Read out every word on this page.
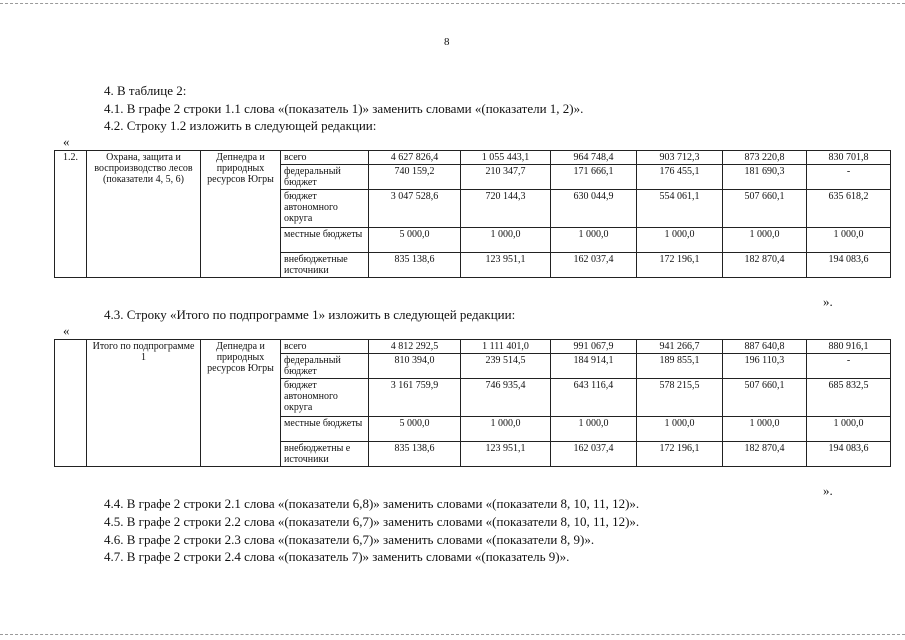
8
4. В таблице 2:
4.1. В графе 2 строки 1.1 слова «(показатель 1)» заменить словами «(показатели 1, 2)».
4.2. Строку 1.2 изложить в следующей редакции:
«
1.2.	Охрана, защита и воспроизводство лесов (показатели 4, 5, 6)	Депнедра и природных ресурсов Югры	всего	4 627 826,4	1 055 443,1	964 748,4	903 712,3	873 220,8	830 701,8
			федеральный бюджет	740 159,2	210 347,7	171 666,1	176 455,1	181 690,3	-
			бюджет автономного округа	3 047 528,6	720 144,3	630 044,9	554 061,1	507 660,1	635 618,2
			местные бюджеты	5 000,0	1 000,0	1 000,0	1 000,0	1 000,0	1 000,0
			внебюджетные источники	835 138,6	123 951,1	162 037,4	172 196,1	182 870,4	194 083,6
».
4.3. Строку «Итого по подпрограмме 1» изложить в следующей редакции:
«
	Итого по подпрограмме 1	Депнедра и природных ресурсов Югры	всего	4 812 292,5	1 111 401,0	991 067,9	941 266,7	887 640,8	880 916,1
			федеральный бюджет	810 394,0	239 514,5	184 914,1	189 855,1	196 110,3	-
			бюджет автономного округа	3 161 759,9	746 935,4	643 116,4	578 215,5	507 660,1	685 832,5
			местные бюджеты	5 000,0	1 000,0	1 000,0	1 000,0	1 000,0	1 000,0
			внебюджетны е источники	835 138,6	123 951,1	162 037,4	172 196,1	182 870,4	194 083,6
».
4.4. В графе 2 строки 2.1 слова «(показатели 6,8)» заменить словами «(показатели 8, 10, 11, 12)».
4.5. В графе 2 строки 2.2 слова «(показатели 6,7)» заменить словами «(показатели 8, 10, 11, 12)».
4.6. В графе 2 строки 2.3 слова «(показатели 6,7)» заменить словами «(показатели 8, 9)».
4.7. В графе 2 строки 2.4 слова «(показатель 7)» заменить словами «(показатель 9)».
